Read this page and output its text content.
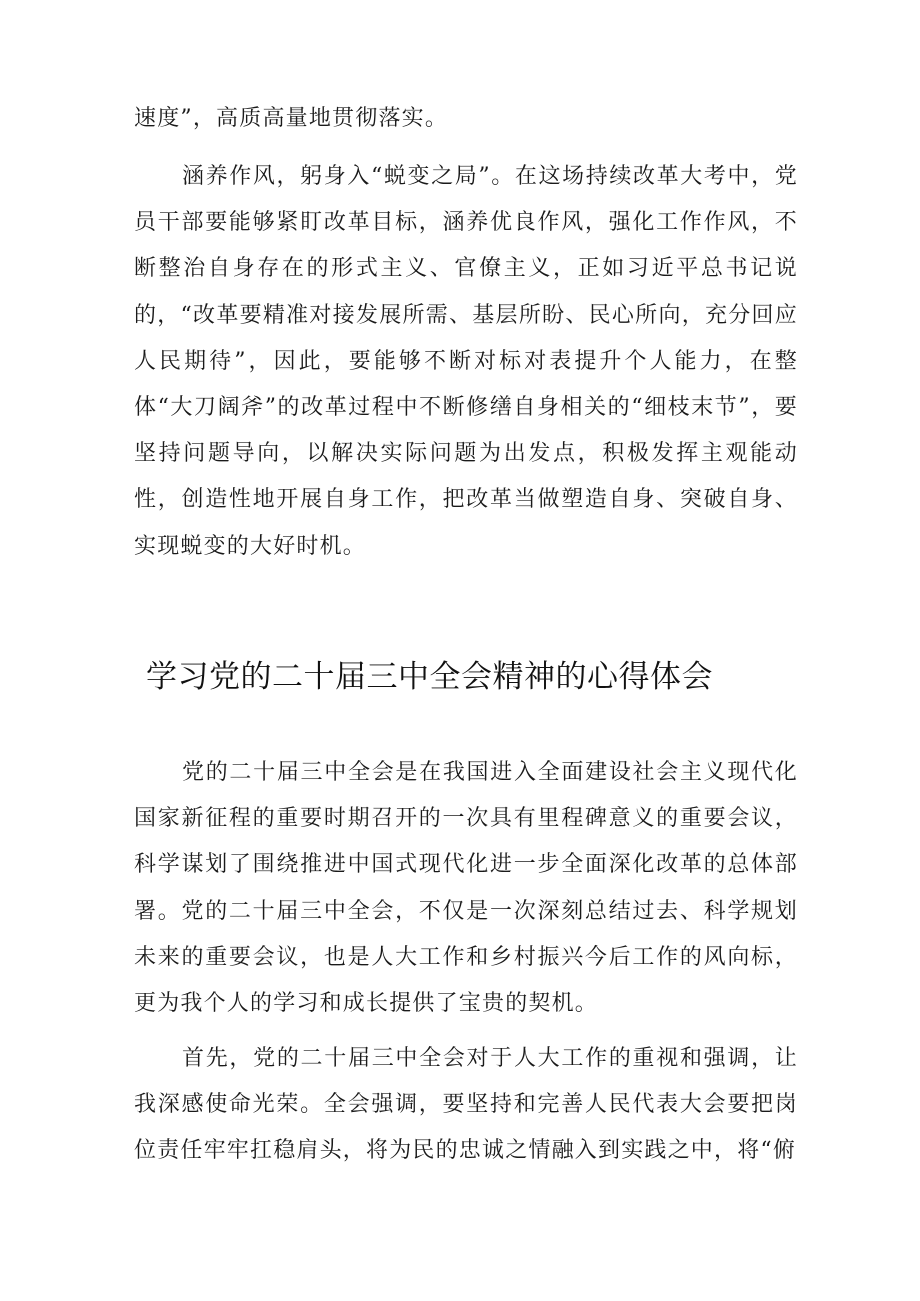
速度”，高质高量地贯彻落实。

涵养作风，躬身入“蜕变之局”。在这场持续改革大考中，党员干部要能够紧盯改革目标，涵养优良作风，强化工作作风，不断整治自身存在的形式主义、官僚主义，正如习近平总书记说的，“改革要精准对接发展所需、基层所盼、民心所向，充分回应人民期待”，因此，要能够不断对标对表提升个人能力，在整体“大刀阔斧”的改革过程中不断修缮自身相关的“细枝末节”，要坚持问题导向，以解决实际问题为出发点，积极发挥主观能动性，创造性地开展自身工作，把改革当做塑造自身、突破自身、实现蜕变的大好时机。

学习党的二十届三中全会精神的心得体会

党的二十届三中全会是在我国进入全面建设社会主义现代化国家新征程的重要时期召开的一次具有里程碑意义的重要会议，科学谋划了围绕推进中国式现代化进一步全面深化改革的总体部署。党的二十届三中全会，不仅是一次深刻总结过去、科学规划未来的重要会议，也是人大工作和乡村振兴今后工作的风向标，更为我个人的学习和成长提供了宝贵的契机。

首先，党的二十届三中全会对于人大工作的重视和强调，让我深感使命光荣。全会强调，要坚持和完善人民代表大会要把岗位责任牢牢扛稳肩头，将为民的忠诚之情融入到实践之中，将“俯
